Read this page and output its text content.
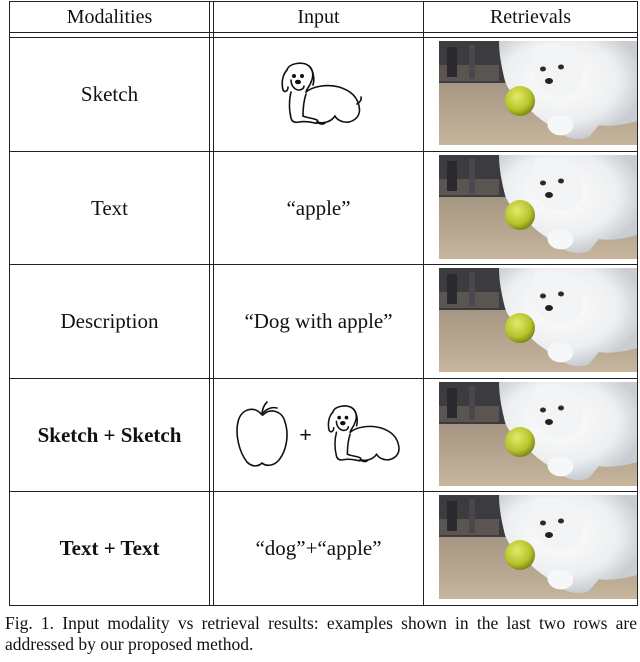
Modalities	Input	Retrievals
Sketch
Text
Description
Sketch + Sketch
Text + Text
“apple”
“Dog with apple”
+
“dog”+“apple”
Fig. 1. Input modality vs retrieval results: examples shown in the last two rows are addressed by our proposed method.
